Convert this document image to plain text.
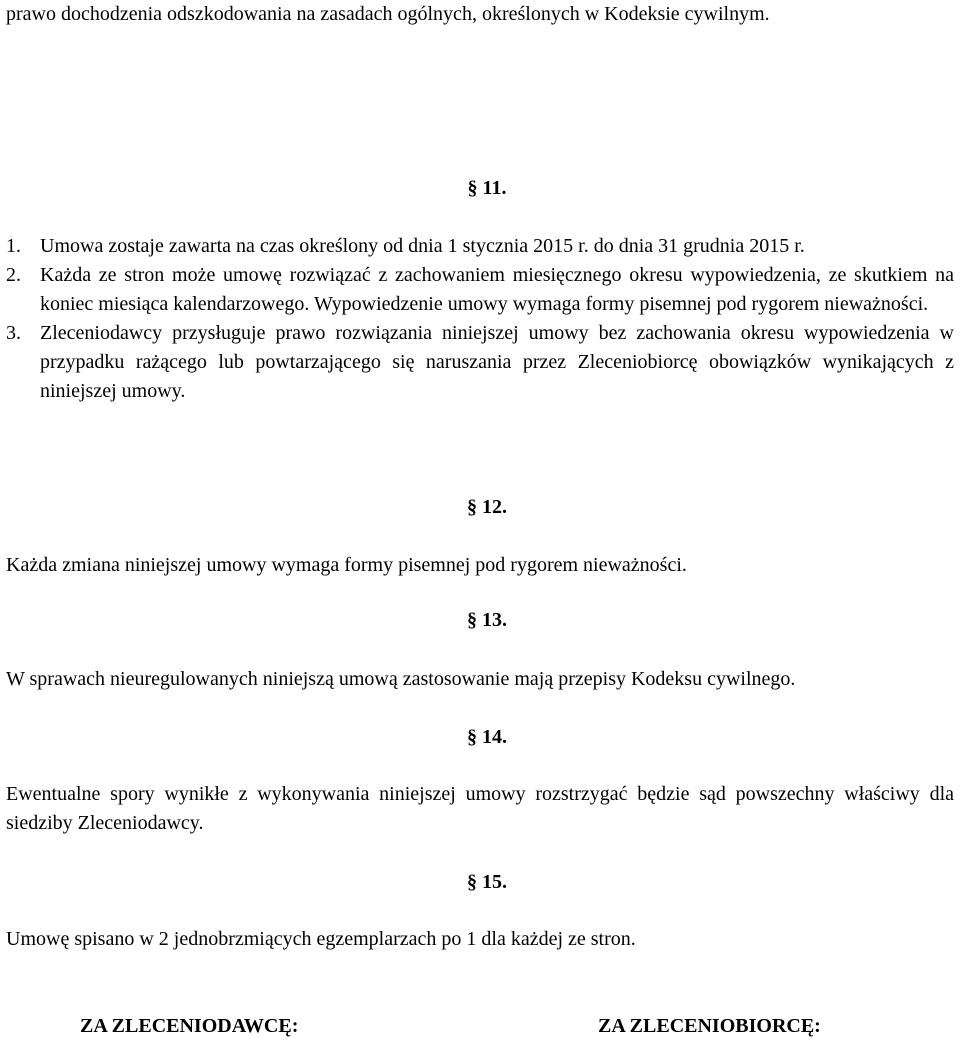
prawo dochodzenia odszkodowania na zasadach ogólnych, określonych w Kodeksie cywilnym.

§ 11.
1. Umowa zostaje zawarta na czas określony od dnia 1 stycznia 2015 r. do dnia 31 grudnia 2015 r.
2. Każda ze stron może umowę rozwiązać z zachowaniem miesięcznego okresu wypowiedzenia, ze skutkiem na koniec miesiąca kalendarzowego. Wypowiedzenie umowy wymaga formy pisemnej pod rygorem nieważności.
3. Zleceniodawcy przysługuje prawo rozwiązania niniejszej umowy bez zachowania okresu wypowiedzenia w przypadku rażącego lub powtarzającego się naruszania przez Zleceniobiorcę obowiązków wynikających z niniejszej umowy.
§ 12.

Każda zmiana niniejszej umowy wymaga formy pisemnej pod rygorem nieważności.

§ 13.

W sprawach nieuregulowanych niniejszą umową zastosowanie mają przepisy Kodeksu cywilnego.

§ 14.

Ewentualne spory wynikłe z wykonywania niniejszej umowy rozstrzygać będzie sąd powszechny właściwy dla siedziby Zleceniodawcy.

§ 15.

Umowę spisano w 2 jednobrzmiących egzemplarzach po 1 dla każdej ze stron.

ZA ZLECENIODAWCĘ:	ZA ZLECENIOBIORCĘ:
